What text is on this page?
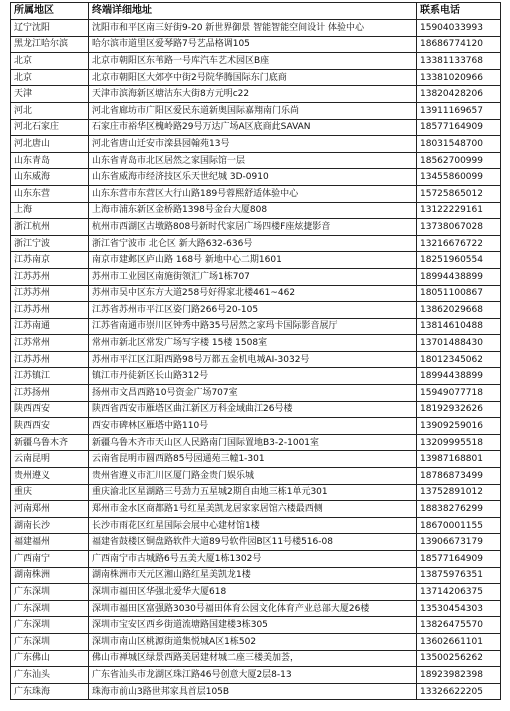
所属地区	终端详细地址	联系电话
辽宁沈阳	沈阳市和平区南三好街9-20 新世界御景 智能智能空间设计 体验中心	15904033993
黑龙江哈尔滨	哈尔滨市道里区爱琴路7号艺品格调105	18686774120
北京	北京市朝阳区东苇路一号库汽车艺术园区B座	13381133768
北京	北京市朝阳区大郊亭中街2号院华腾国际东门底商	13381020966
天津	天津市滨海新区塘沽东大街8方元明c22	13820428206
河北	河北省廊坊市广阳区爱民东道新奥国际嘉翔南门乐尚	13911169657
河北石家庄	石家庄市裕华区槐岭路29号万达广场A区底商此SAVAN	18577164909
河北唐山	河北省唐山迁安市滦县园翰苑13号	18031548700
山东青岛	山东省青岛市北区居然之家国际馆一层	18562700999
山东威海	山东省威海市经济技区乐天世纪城 3D-0910	13455860099
山东东营	山东东营市东营区大行山路189号蓉熙舒适体验中心	15725865012
上海	上海市浦东新区金桥路1398号金台大厦808	13122229161
浙江杭州	杭州市西湖区古墩路808号新时代家居广场四楼F座炫捷影音	13738067028
浙江宁波	浙江省宁波市 北仑区 新大路632-636号	13216676722
江苏南京	南京市建邺区庐山路 168号 新地中心二期1601	18251960554
江苏苏州	苏州市工业园区南施街领汇广场1栋707	18994438899
江苏苏州	苏州市吴中区东方大道258号好得家北楼461~462	18051100867
江苏苏州	江苏省苏州市平江区姿门路266号20-105	13862029668
江苏南通	江苏省南通市崇川区钟秀中路35号居然之家玛卡国际影音展厅	13814610488
江苏常州	常州市新北区常发广场写字楼 15楼 1508室	13701488430
江苏苏州	苏州市平江区江阳西路98号万都五金机电城AI-3032号	18012345062
江苏镇江	镇江市丹徒新区长山路312号	18994438899
江苏扬州	扬州市文昌西路10号资金广场707室	15949077718
陕西西安	陕西省西安市雁塔区曲江新区万科金域曲江26号楼	18192932626
陕西西安	西安市碑林区雁塔中路110号	13909259016
新疆乌鲁木齐	新疆乌鲁木齐市天山区人民路南门国际置地B3-2-1001室	13209995518
云南昆明	云南省昆明市圆西路85号园通苑三幢1-301	13987168801
贵州遵义	贵州省遵义市汇川区厦门路金贵门娱乐城	18786873499
重庆	重庆渝北区星湖路三号劲力五星城2期自由地三栋1单元301	13752891012
河南郑州	郑州市金水区商都路1号红星美凯龙居家家居馆六楼最西侧	18838276299
湖南长沙	长沙市雨花区红星国际会展中心建材馆1楼	18670001155
福建福州	福建省鼓楼区铜盘路软件大道89号软件园B区11号楼516-08	13906673179
广西南宁	广西南宁市古城路6号五美大厦1栋1302号	18577164909
湖南株洲	湖南株洲市天元区湘山路红星美凯龙1楼	13875976351
广东深圳	深圳市福田区华强北爱华大厦618	13714206375
广东深圳	深圳市福田区富强路3030号福田体育公园文化体育产业总部大厦26楼	13530454303
广东深圳	深圳市宝安区西乡街道流塘路国建楼3栋305	13826475570
广东深圳	深圳市南山区桃源街道集悦城A区1栋502	13602661101
广东佛山	佛山市禅城区绿景西路美居建材城二座三楼美加荟，	13500256262
广东汕头	广东省汕头市龙湖区珠江路46号创意大厦2层8-13	18923982398
广东珠海	珠海市前山3路世邦家具首层105B	13326622205
